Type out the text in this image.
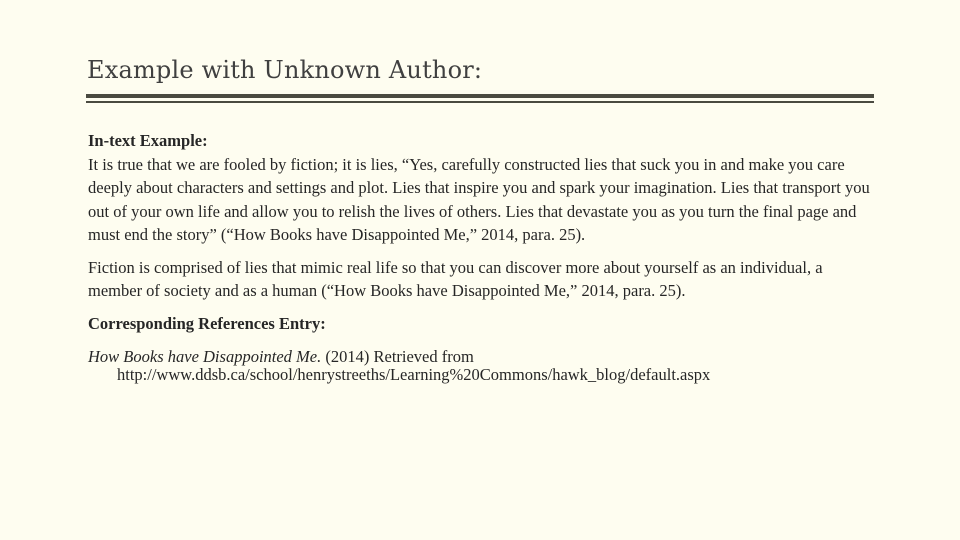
Example with Unknown Author:

In-text Example:

It is true that we are fooled by fiction; it is lies, “Yes, carefully constructed lies that suck you in and make you care deeply about characters and settings and plot. Lies that inspire you and spark your imagination. Lies that transport you out of your own life and allow you to relish the lives of others. Lies that devastate you as you turn the final page and must end the story” (“How Books have Disappointed Me,” 2014, para. 25).

Fiction is comprised of lies that mimic real life so that you can discover more about yourself as an individual, a member of society and as a human (“How Books have Disappointed Me,” 2014, para. 25).

Corresponding References Entry:

How Books have Disappointed Me. (2014) Retrieved from

http://www.ddsb.ca/school/henrystreeths/Learning%20Commons/hawk_blog/default.aspx
